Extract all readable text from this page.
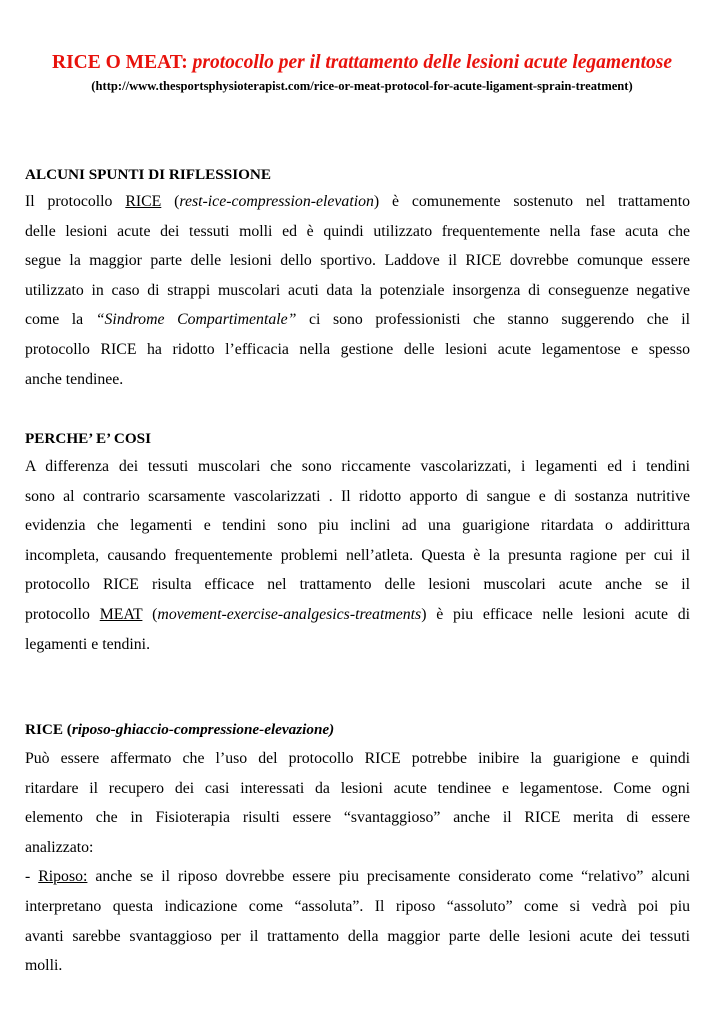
RICE O MEAT: protocollo per il trattamento delle lesioni acute legamentose
(http://www.thesportsphysioterapist.com/rice-or-meat-protocol-for-acute-ligament-sprain-treatment)
ALCUNI SPUNTI DI RIFLESSIONE
Il protocollo RICE (rest-ice-compression-elevation) è comunemente sostenuto nel trattamento
delle lesioni acute dei tessuti molli ed è quindi utilizzato frequentemente nella fase acuta che
segue la maggior parte delle lesioni dello sportivo. Laddove il RICE dovrebbe comunque essere
utilizzato in caso di strappi muscolari acuti data la potenziale insorgenza di conseguenze negative
come la “Sindrome Compartimentale” ci sono professionisti che stanno suggerendo che il
protocollo RICE ha ridotto l’efficacia nella gestione delle lesioni acute legamentose e spesso
anche tendinee.
PERCHE’ E’ COSI
A differenza dei tessuti muscolari che sono riccamente vascolarizzati, i legamenti ed i tendini
sono al contrario scarsamente vascolarizzati . Il ridotto apporto di sangue e di sostanza nutritive
evidenzia che legamenti e tendini sono piu inclini ad una guarigione ritardata o addirittura
incompleta, causando frequentemente problemi nell’atleta. Questa è la presunta ragione per cui il
protocollo RICE risulta efficace nel trattamento delle lesioni muscolari acute anche se il
protocollo MEAT (movement-exercise-analgesics-treatments) è piu efficace nelle lesioni acute di
legamenti e tendini.
RICE (riposo-ghiaccio-compressione-elevazione)
Può essere affermato che l’uso del protocollo RICE potrebbe inibire la guarigione e quindi
ritardare il recupero dei casi interessati da lesioni acute tendinee e legamentose. Come ogni
elemento che in Fisioterapia risulti essere “svantaggioso” anche il RICE merita di essere
analizzato:
- Riposo: anche se il riposo dovrebbe essere piu precisamente considerato come “relativo” alcuni
interpretano questa indicazione come “assoluta”. Il riposo “assoluto” come si vedrà poi piu
avanti sarebbe svantaggioso per il trattamento della maggior parte delle lesioni acute dei tessuti
molli.
